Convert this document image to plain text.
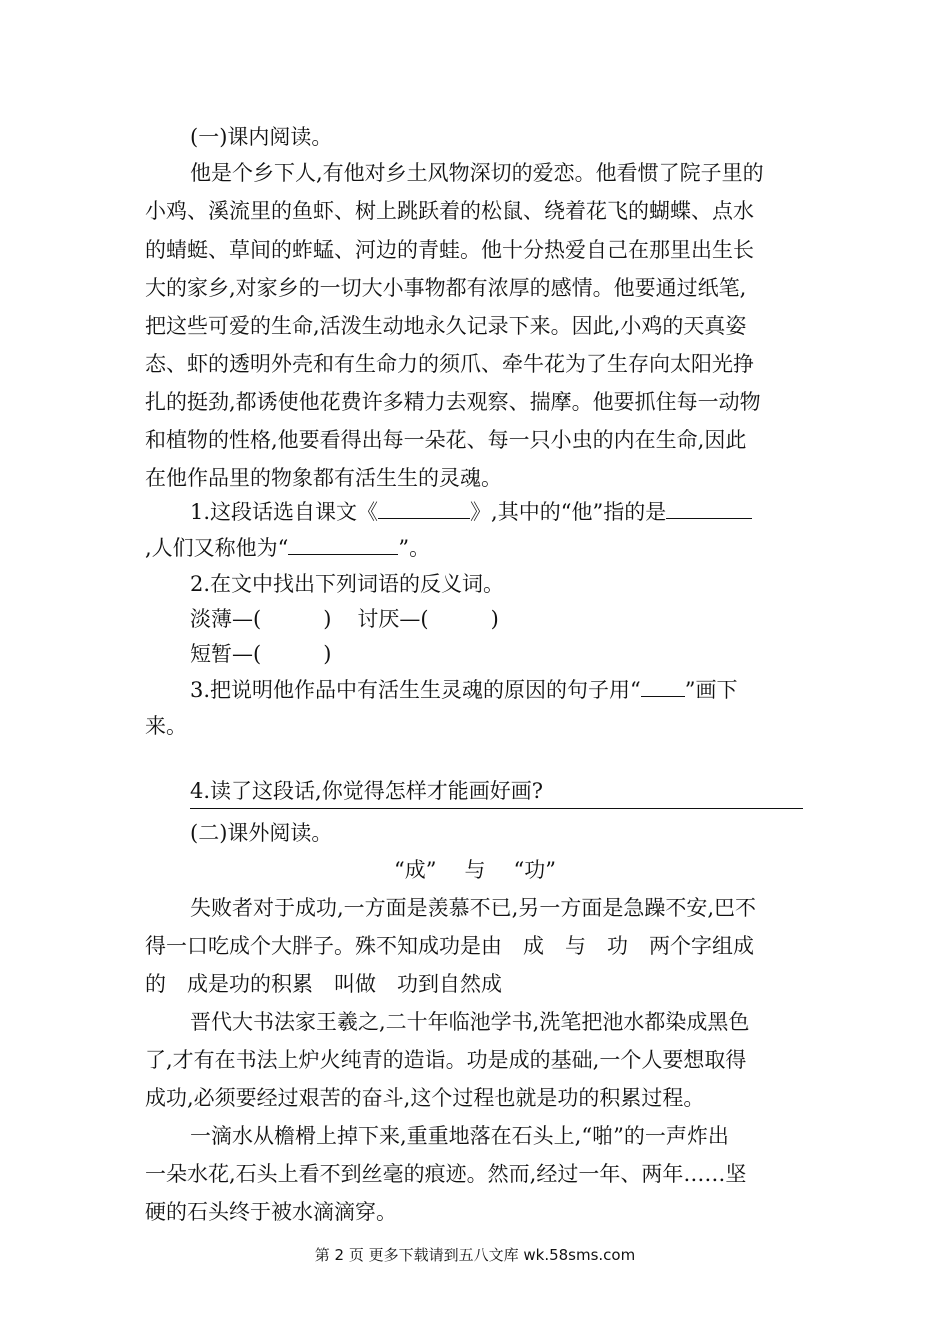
(一)课内阅读。
他是个乡下人,有他对乡土风物深切的爱恋。他看惯了院子里的
小鸡、溪流里的鱼虾、树上跳跃着的松鼠、绕着花飞的蝴蝶、点水
的蜻蜓、草间的蚱蜢、河边的青蛙。他十分热爱自己在那里出生长
大的家乡,对家乡的一切大小事物都有浓厚的感情。他要通过纸笔,
把这些可爱的生命,活泼生动地永久记录下来。因此,小鸡的天真姿
态、虾的透明外壳和有生命力的须爪、牵牛花为了生存向太阳光挣
扎的挺劲,都诱使他花费许多精力去观察、揣摩。他要抓住每一动物
和植物的性格,他要看得出每一朵花、每一只小虫的内在生命,因此
在他作品里的物象都有活生生的灵魂。
1.这段话选自课文《	》,其中的“他”指的是
,人们又称他为“	”。
2.在文中找出下列词语的反义词。
淡薄—(	) 讨厌—(	)
短暂—(	)
3.把说明他作品中有活生生灵魂的原因的句子用“ ”画下
来。
4.读了这段话,你觉得怎样才能画好画?
(二)课外阅读。
“成” 与 “功”
失败者对于成功,一方面是羡慕不已,另一方面是急躁不安,巴不
得一口吃成个大胖子。殊不知成功是由　成　与　功　两个字组成
的　成是功的积累　叫做　功到自然成
晋代大书法家王羲之,二十年临池学书,洗笔把池水都染成黑色
了,才有在书法上炉火纯青的造诣。功是成的基础,一个人要想取得
成功,必须要经过艰苦的奋斗,这个过程也就是功的积累过程。
一滴水从檐榾上掉下来,重重地落在石头上,“啪”的一声炸出
一朵水花,石头上看不到丝毫的痕迹。然而,经过一年、两年……坚
硬的石头终于被水滴滴穿。
第 2 页 更多下载请到五八文库 wk.58sms.com
